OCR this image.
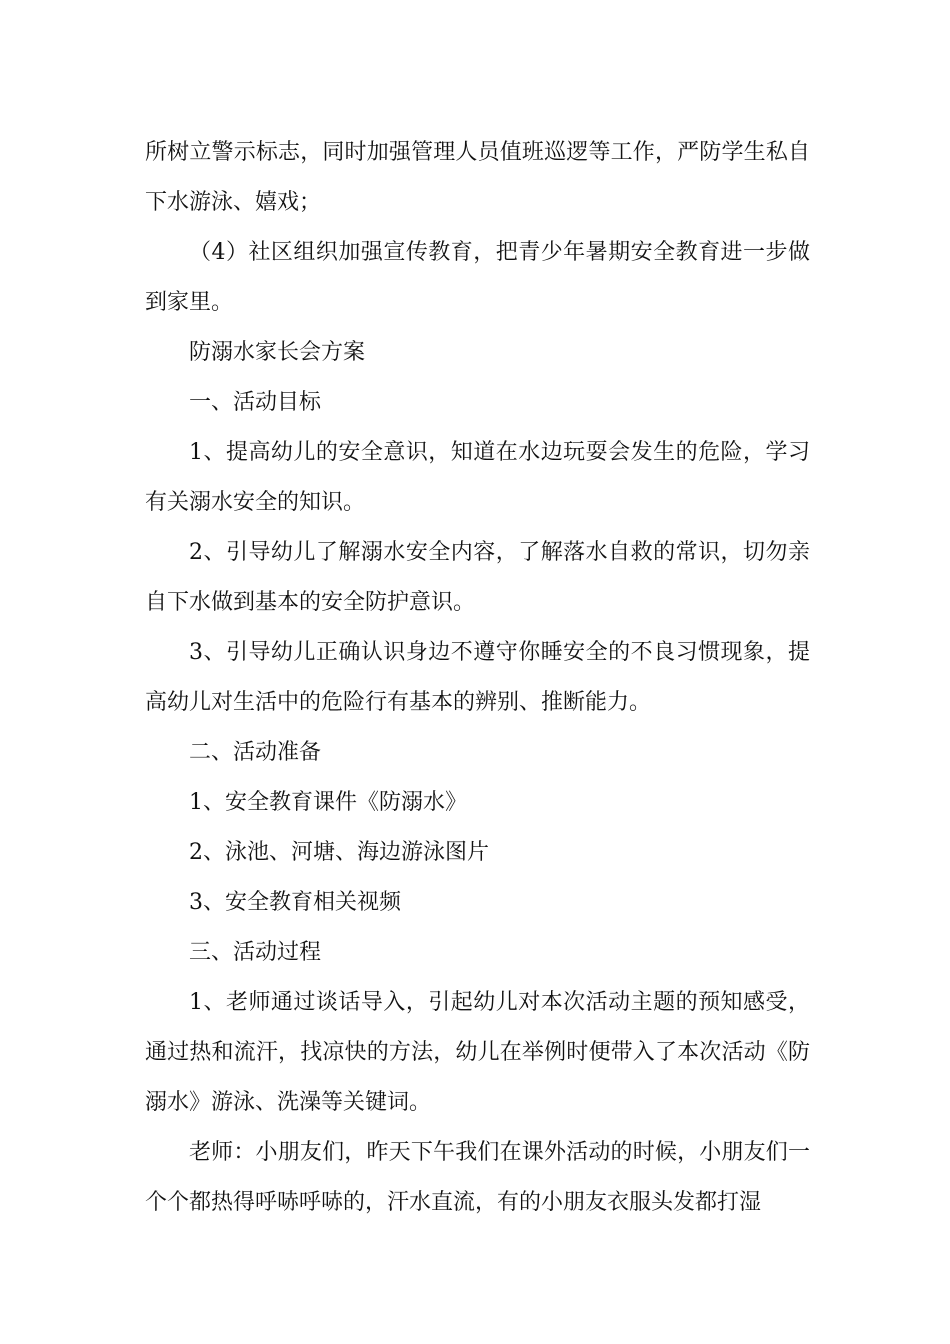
所树立警示标志，同时加强管理人员值班巡逻等工作，严防学生私自下水游泳、嬉戏；

（4）社区组织加强宣传教育，把青少年暑期安全教育进一步做到家里。

防溺水家长会方案

一、活动目标

1、提高幼儿的安全意识，知道在水边玩耍会发生的危险，学习有关溺水安全的知识。

2、引导幼儿了解溺水安全内容，了解落水自救的常识，切勿亲自下水做到基本的安全防护意识。

3、引导幼儿正确认识身边不遵守你睡安全的不良习惯现象，提高幼儿对生活中的危险行有基本的辨别、推断能力。

二、活动准备

1、安全教育课件《防溺水》

2、泳池、河塘、海边游泳图片

3、安全教育相关视频

三、活动过程

1、老师通过谈话导入，引起幼儿对本次活动主题的预知感受，通过热和流汗，找凉快的方法，幼儿在举例时便带入了本次活动《防溺水》游泳、洗澡等关键词。

老师：小朋友们，昨天下午我们在课外活动的时候，小朋友们一个个都热得呼哧呼哧的，汗水直流，有的小朋友衣服头发都打湿
